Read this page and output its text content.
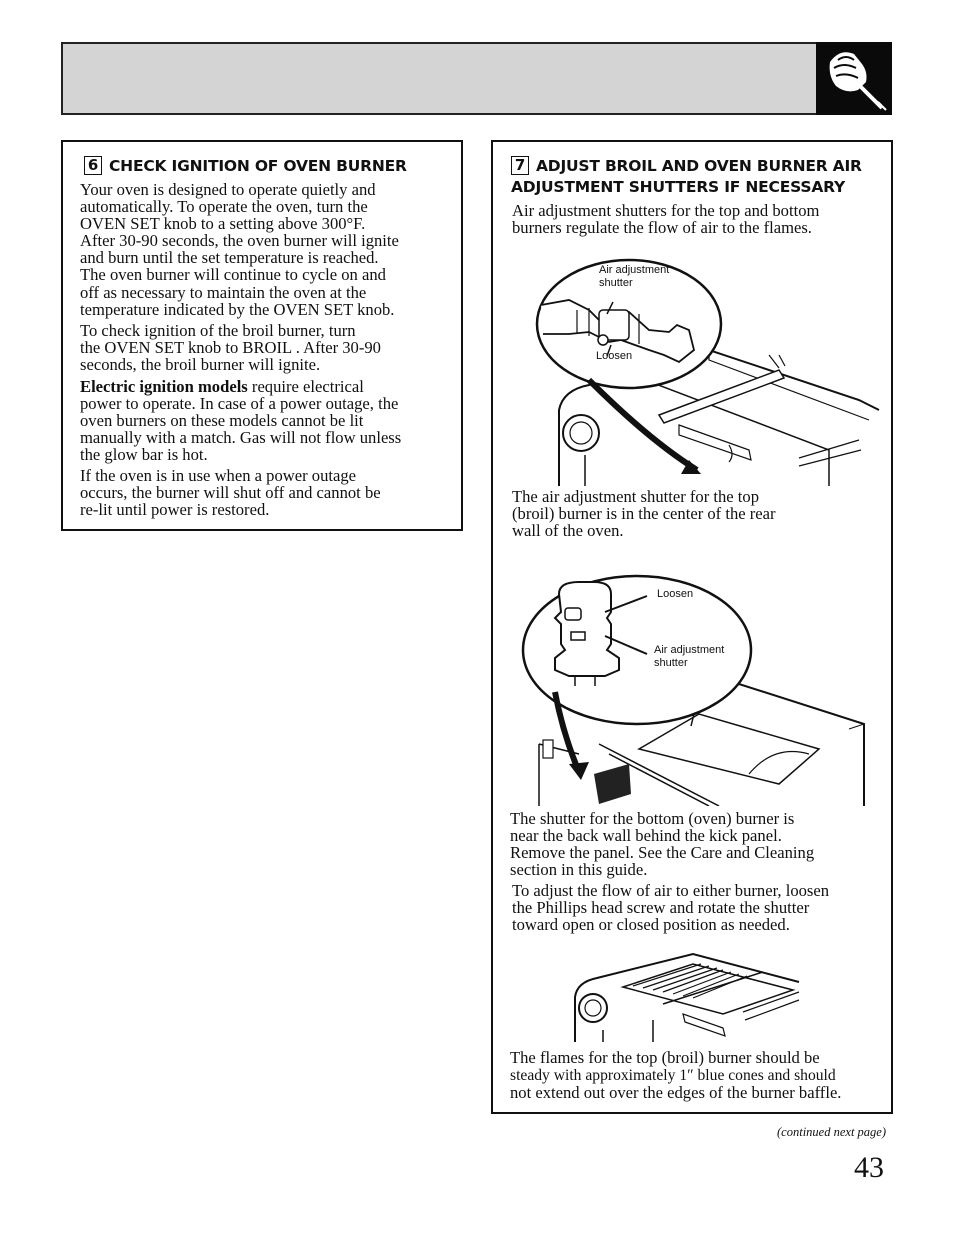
6 CHECK IGNITION OF OVEN BURNER

Your oven is designed to operate quietly and
automatically. To operate the oven, turn the
OVEN SET knob to a setting above 300°F.
After 30-90 seconds, the oven burner will ignite
and burn until the set temperature is reached.
The oven burner will continue to cycle on and
off as necessary to maintain the oven at the
temperature indicated by the OVEN SET knob.

To check ignition of the broil burner, turn
the OVEN SET knob to BROIL . After 30-90
seconds, the broil burner will ignite.

Electric ignition models require electrical
power to operate. In case of a power outage, the
oven burners on these models cannot be lit
manually with a match. Gas will not flow unless
the glow bar is hot.

If the oven is in use when a power outage
occurs, the burner will shut off and cannot be
re-lit until power is restored.

7 ADJUST BROIL AND OVEN BURNER AIR
ADJUSTMENT SHUTTERS IF NECESSARY

Air adjustment shutters for the top and bottom
burners regulate the flow of air to the flames.

Air adjustment
shutter
Loosen

The air adjustment shutter for the top
(broil) burner is in the center of the rear
wall of the oven.

Loosen
Air adjustment
shutter

The shutter for the bottom (oven) burner is
near the back wall behind the kick panel.
Remove the panel. See the Care and Cleaning
section in this guide.

To adjust the flow of air to either burner, loosen
the Phillips head screw and rotate the shutter
toward open or closed position as needed.

The flames for the top (broil) burner should be
steady with approximately 1″ blue cones and should
not extend out over the edges of the burner baffle.

(continued next page)
43
